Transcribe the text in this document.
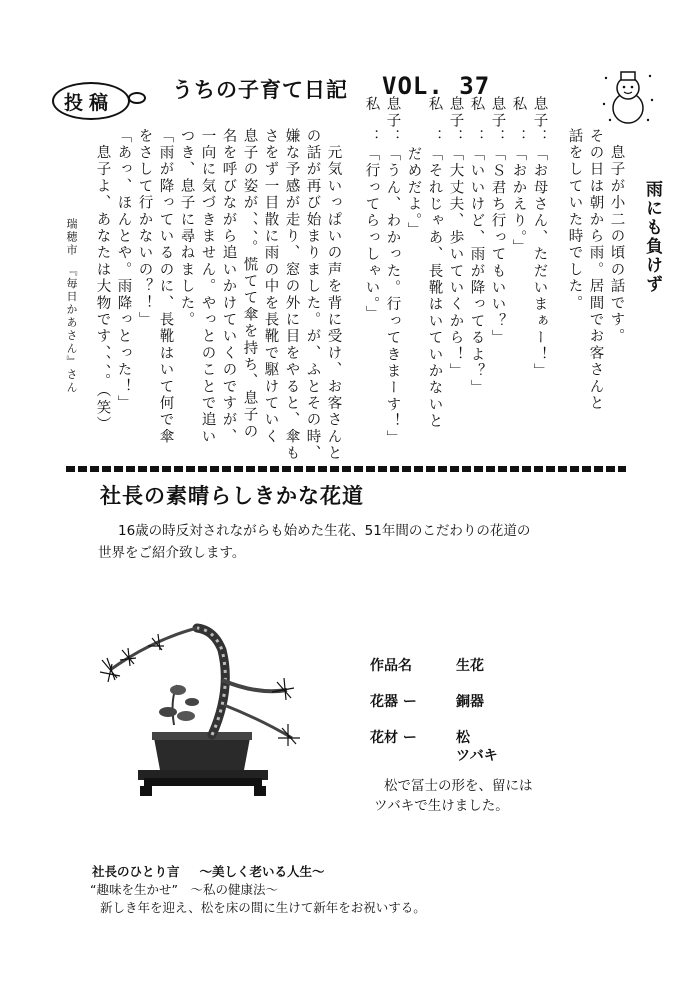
投稿
うちの子育て日記 VOL. 37
雨にも負けず
　息子が小二の頃の話です。
その日は朝から雨。居間でお客さんと
話をしていた時でした。
息子：「お母さん、ただいまぁー！」
私　：「おかえり。」
息子：「Ｓ君ち行ってもいい？」
私　：「いいけど、雨が降ってるよ？」
息子：「大丈夫、歩いていくから！」
私　：「それじゃあ、長靴はいていかないと
　　　だめだよ。」
息子：「うん、わかった。行ってきまーす！」
私　：「行ってらっしゃい。」
　元気いっぱいの声を背に受け、お客さんと
の話が再び始まりました。が、ふとその時、
嫌な予感が走り、窓の外に目をやると、傘も
さをず一目散に雨の中を長靴で駆けていく
息子の姿が、、、。慌てて傘を持ち、息子の
名を呼びながら追いかけていくのですが、
一向に気づきません。やっとのことで追い
つき、息子に尋ねました。
「雨が降っているのに、長靴はいて何で傘
をさして行かないの？！」
「あっ、ほんとや。雨降っとった！」
　息子よ、あなたは大物です、、、。（笑）
瑞穂市　『毎日かあさん』さん
社長の素晴らしきかな花道
16歳の時反対されながらも始めた生花、51年間のこだわりの花道の
世界をご紹介致します。
作品名	生花
花器 ー	銅器
花材 ー	松
ツバキ
松で冨士の形を、留には
ツバキで生けました。
社長のひとり言 〜美しく老いる人生〜
“趣味を生かせ”　〜私の健康法〜
新しき年を迎え、松を床の間に生けて新年をお祝いする。
